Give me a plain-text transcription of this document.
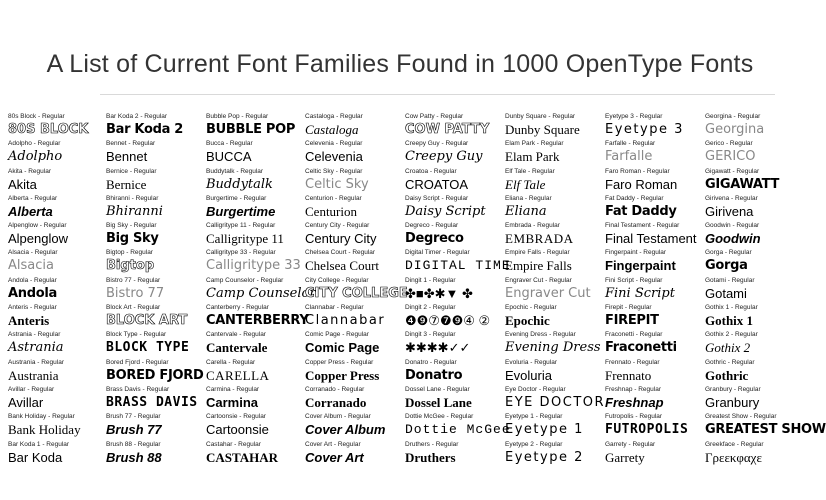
A List of Current Font Families Found in 1000 OpenType Fonts
80s Block - Regular
80S BLOCK
Adolpho - Regular
Adolpho
Akita - Regular
Akita
Alberta - Regular
Alberta
Alpenglow - Regular
Alpenglow
Alsacia - Regular
Alsacia
Andola - Regular
Andola
Anteris - Regular
Anteris
Astrania - Regular
Astrania
Austrania - Regular
Austrania
Avillar - Regular
Avillar
Bank Holiday - Regular
Bank Holiday
Bar Koda 1 - Regular
Bar Koda
Bar Koda 2 - Regular
Bar Koda 2
Bennet - Regular
Bennet
Bernice - Regular
Bernice
Bhiranni - Regular
Bhiranni
Big Sky - Regular
Big Sky
Bigtop - Regular
Bigtop
Bistro 77 - Regular
Bistro 77
Block Art - Regular
BLOCK ART
Block Type - Regular
BLOCK TYPE
Bored Fjord - Regular
BORED FJORD
Brass Davis - Regular
BRASS DAVIS
Brush 77 - Regular
Brush 77
Brush 88 - Regular
Brush 88
Bubble Pop - Regular
BUBBLE POP
Bucca - Regular
BUCCA
Buddytalk - Regular
Buddytalk
Burgertime - Regular
Burgertime
Calligritype 11 - Regular
Calligritype 11
Calligritype 33 - Regular
Calligritype 33
Camp Counselor - Regular
Camp Counselor
Canterberry - Regular
CANTERBERRY
Cantervale - Regular
Cantervale
Carella - Regular
CARELLA
Carmina - Regular
Carmina
Cartoonsie - Regular
Cartoonsie
Castahar - Regular
CASTAHAR
Castaloga - Regular
Castaloga
Celevenia - Regular
Celevenia
Celtic Sky - Regular
Celtic Sky
Centurion - Regular
Centurion
Century City - Regular
Century City
Chelsea Court - Regular
Chelsea Court
City College - Regular
CITY COLLEGE
Clannabar - Regular
Clannabar
Comic Page - Regular
Comic Page
Copper Press - Regular
Copper Press
Corranado - Regular
Corranado
Cover Album - Regular
Cover Album
Cover Art - Regular
Cover Art
Cow Patty - Regular
COW PATTY
Creepy Guy - Regular
Creepy Guy
Croatoa - Regular
CROATOA
Daisy Script - Regular
Daisy Script
Degreco - Regular
Degreco
Digital Timer - Regular
DIGITAL TIME
Dingit 1 - Regular
✤■✤✱▼ ✤
Dingit 2 - Regular
❹❾⑦❼❾④ ②
Dingit 3 - Regular
✱✱✱✱✓✓
Donatro - Regular
Donatro
Dossel Lane - Regular
Dossel Lane
Dottie McGee - Regular
Dottie McGee
Druthers - Regular
Druthers
Dunby Square - Regular
Dunby Square
Elam Park - Regular
Elam Park
Elf Tale - Regular
Elf Tale
Eliana - Regular
Eliana
Embrada - Regular
EMBRADA
Empire Falls - Regular
Empire Falls
Engraver Cut - Regular
Engraver Cut
Epochic - Regular
Epochic
Evening Dress - Regular
Evening Dress
Evoluria - Regular
Evoluria
Eye Doctor - Regular
EYE DOCTOR
Eyetype 1 - Regular
Eyetype 1
Eyetype 2 - Regular
Eyetype 2
Eyetype 3 - Regular
Eyetype 3
Farfalle - Regular
Farfalle
Faro Roman - Regular
Faro Roman
Fat Daddy - Regular
Fat Daddy
Final Testament - Regular
Final Testament
Fingerpaint - Regular
Fingerpaint
Fini Script - Regular
Fini Script
Firepit - Regular
FIREPIT
Fraconetti - Regular
Fraconetti
Frennato - Regular
Frennato
Freshnap - Regular
Freshnap
Futropolis - Regular
FUTROPOLIS
Garrety - Regular
Garrety
Georgina - Regular
Georgina
Gerico - Regular
GERICO
Gigawatt - Regular
GIGAWATT
Girivena - Regular
Girivena
Goodwin - Regular
Goodwin
Gorga - Regular
Gorga
Gotami - Regular
Gotami
Gothix 1 - Regular
Gothix 1
Gothix 2 - Regular
Gothix 2
Gothric - Regular
Gothric
Granbury - Regular
Granbury
Greatest Show - Regular
GREATEST SHOW
Greekface - Regular
Γρεεκφαχε
